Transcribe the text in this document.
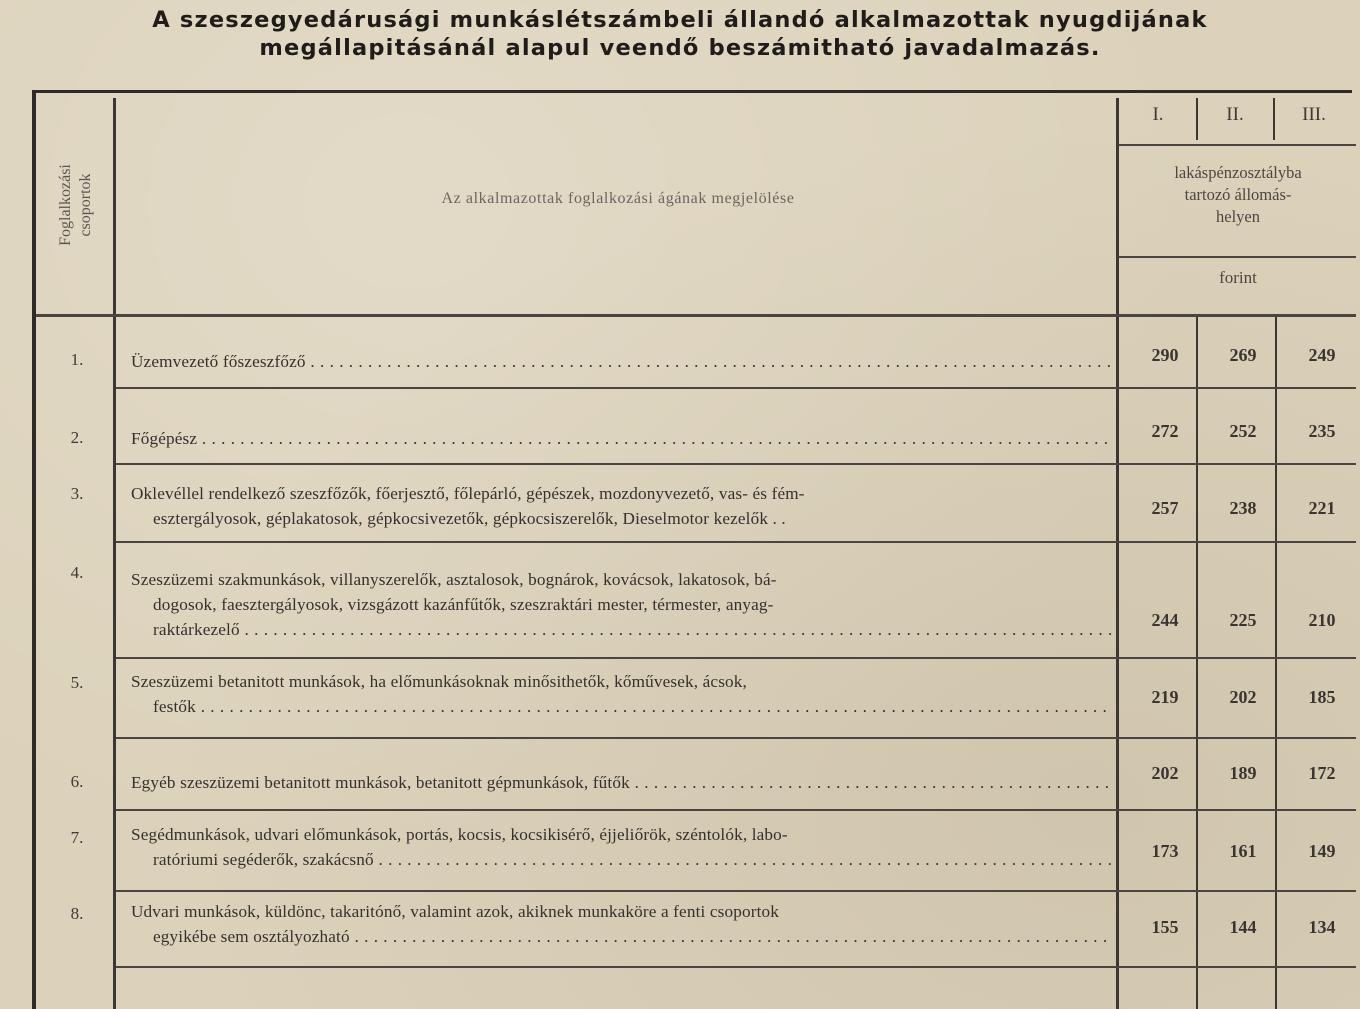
A szeszegyedárusági munkáslétszámbeli állandó alkalmazottak nyugdijának
megállapitásánál alapul veendő beszámitható javadalmazás.
Foglalkozási csoportok	Az alkalmazottak foglalkozási ágának megjelölése
I.	II.	III.
lakáspénzosztályba
tartozó állomás-
helyen
forint
1.	Üzemvezető főszeszfőző . . .	290	269	249
2.	Főgépész . . .	272	252	235
3.	Oklevéllel rendelkező szeszfőzők, főerjesztő, főlepárló, gépészek, mozdonyvezető, vas- és fém-
esztergályosok, géplakatosok, gépkocsivezetők, gépkocsiszerelők, Dieselmotor kezelők . .
257	238	221
4.	Szeszüzemi szakmunkások, villanyszerelők, asztalosok, bognárok, kovácsok, lakatosok, bá-
dogosok, faesztergályosok, vizsgázott kazánfűtők, szeszraktári mester, térmester, anyag-
raktárkezelő . . .	244	225	210
5.	Szeszüzemi betanitott munkások, ha előmunkásoknak minősithetők, kőművesek, ácsok,
festők . . .	219	202	185
6.	Egyéb szeszüzemi betanitott munkások, betanitott gépmunkások, fűtők . . .	202	189	172
7.	Segédmunkások, udvari előmunkások, portás, kocsis, kocsikisérő, éjjeliőrök, széntolók, labo-
ratóriumi segéderők, szakácsnő . . .	173	161	149
8.	Udvari munkások, küldönc, takaritónő, valamint azok, akiknek munkaköre a fenti csoportok
egyikébe sem osztályozható . . .	155	144	134
